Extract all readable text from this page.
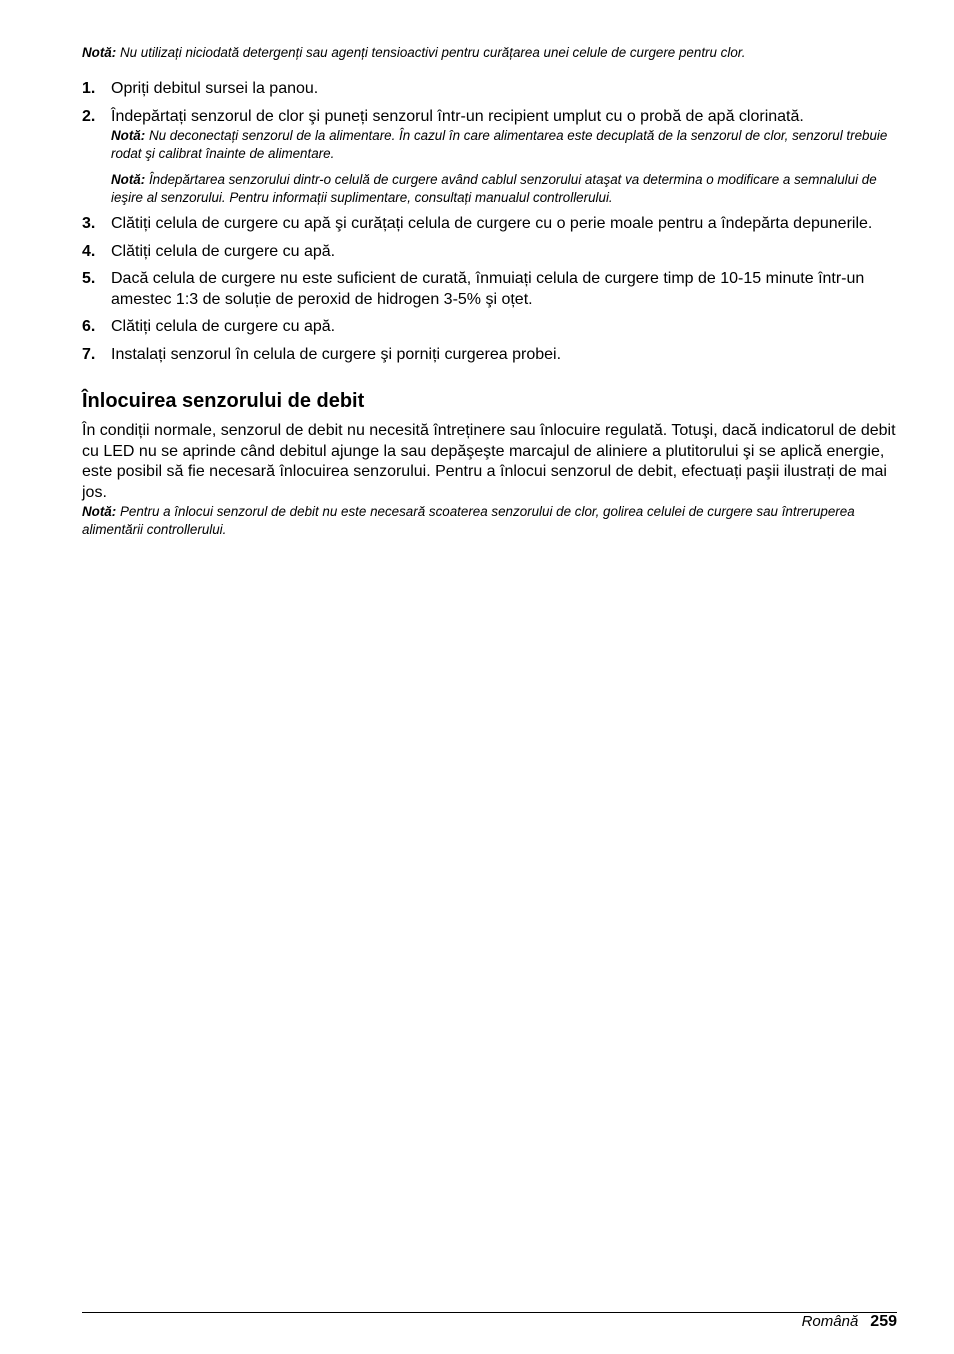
Notă: Nu utilizați niciodată detergenți sau agenți tensioactivi pentru curățarea unei celule de curgere pentru clor.

1. Opriți debitul sursei la panou.
2. Îndepărtați senzorul de clor şi puneți senzorul într-un recipient umplut cu o probă de apă clorinată.

Notă: Nu deconectați senzorul de la alimentare. În cazul în care alimentarea este decuplată de la senzorul de clor, senzorul trebuie rodat şi calibrat înainte de alimentare.

Notă: Îndepărtarea senzorului dintr-o celulă de curgere având cablul senzorului ataşat va determina o modificare a semnalului de ieşire al senzorului. Pentru informații suplimentare, consultați manualul controllerului.

3. Clătiți celula de curgere cu apă şi curățați celula de curgere cu o perie moale pentru a îndepărta depunerile.
4. Clătiți celula de curgere cu apă.
5. Dacă celula de curgere nu este suficient de curată, înmuiați celula de curgere timp de 10-15 minute într-un amestec 1:3 de soluție de peroxid de hidrogen 3-5% şi oțet.
6. Clătiți celula de curgere cu apă.
7. Instalați senzorul în celula de curgere şi porniți curgerea probei.
Înlocuirea senzorului de debit

În condiții normale, senzorul de debit nu necesită întreținere sau înlocuire regulată. Totuşi, dacă indicatorul de debit cu LED nu se aprinde când debitul ajunge la sau depăşeşte marcajul de aliniere a plutitorului şi se aplică energie, este posibil să fie necesară înlocuirea senzorului. Pentru a înlocui senzorul de debit, efectuați paşii ilustrați de mai jos.

Notă: Pentru a înlocui senzorul de debit nu este necesară scoaterea senzorului de clor, golirea celulei de curgere sau întreruperea alimentării controllerului.

Română 259
